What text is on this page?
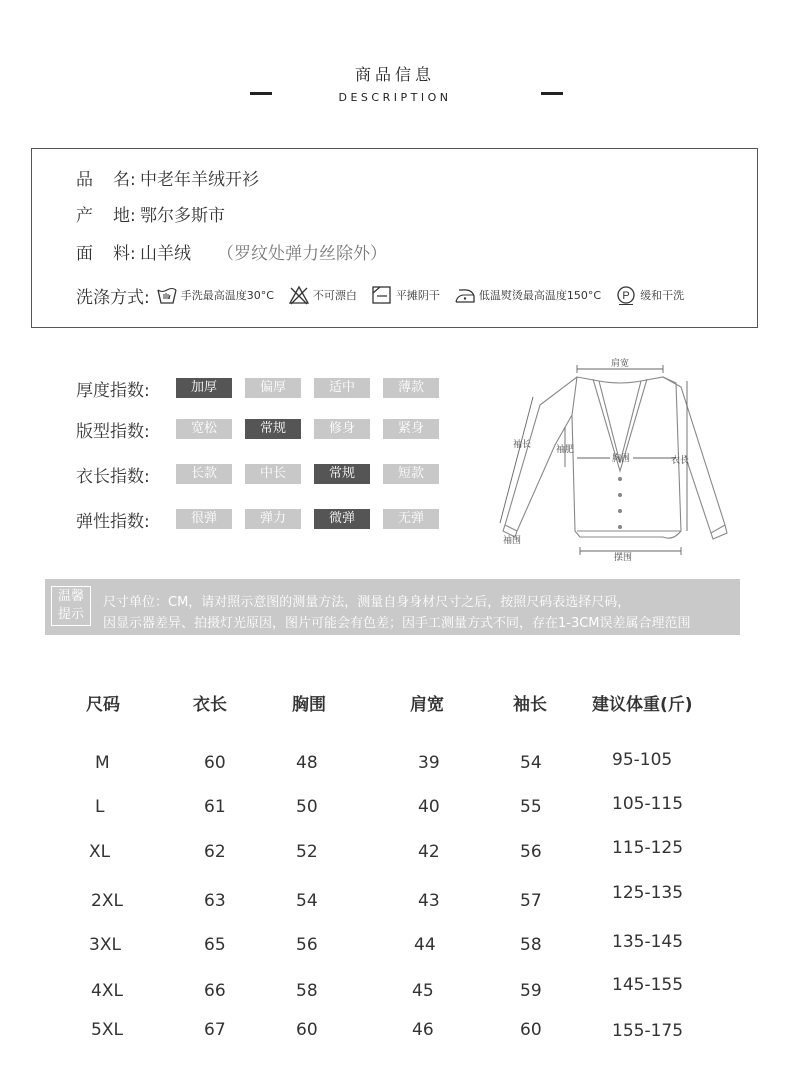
商品信息
DESCRIPTION
品名: 中老年羊绒开衫
产地: 鄂尔多斯市
面料: 山羊绒 （罗纹处弹力丝除外）
洗涤方式:	手洗最高温度30°C	不可漂白	平摊阴干	低温熨烫最高温度150°C P 缓和干洗
厚度指数:	加厚	偏厚	适中	薄款
版型指数:	宽松	常规	修身	紧身
衣长指数:	长款	中长	常规	短款
弹性指数:	很弹	弹力	微弹	无弹
肩宽
胸围
袖长	袖肥
衣长
袖围
摆围
温馨提示
尺寸单位：CM，请对照示意图的测量方法，测量自身身材尺寸之后，按照尺码表选择尺码，
因显示器差异、拍摄灯光原因，图片可能会有色差；因手工测量方式不同，存在1-3CM误差属合理范围
尺码	衣长	胸围	肩宽	袖长	建议体重(斤)
M	60	48	39	54	95-105
L	61	50	40	55	105-115
XL	62	52	42	56	115-125
2XL	63	54	43	57	125-135
3XL	65	56	44	58	135-145
4XL	66	58	45	59	145-155
5XL	67	60	46	60	155-175
